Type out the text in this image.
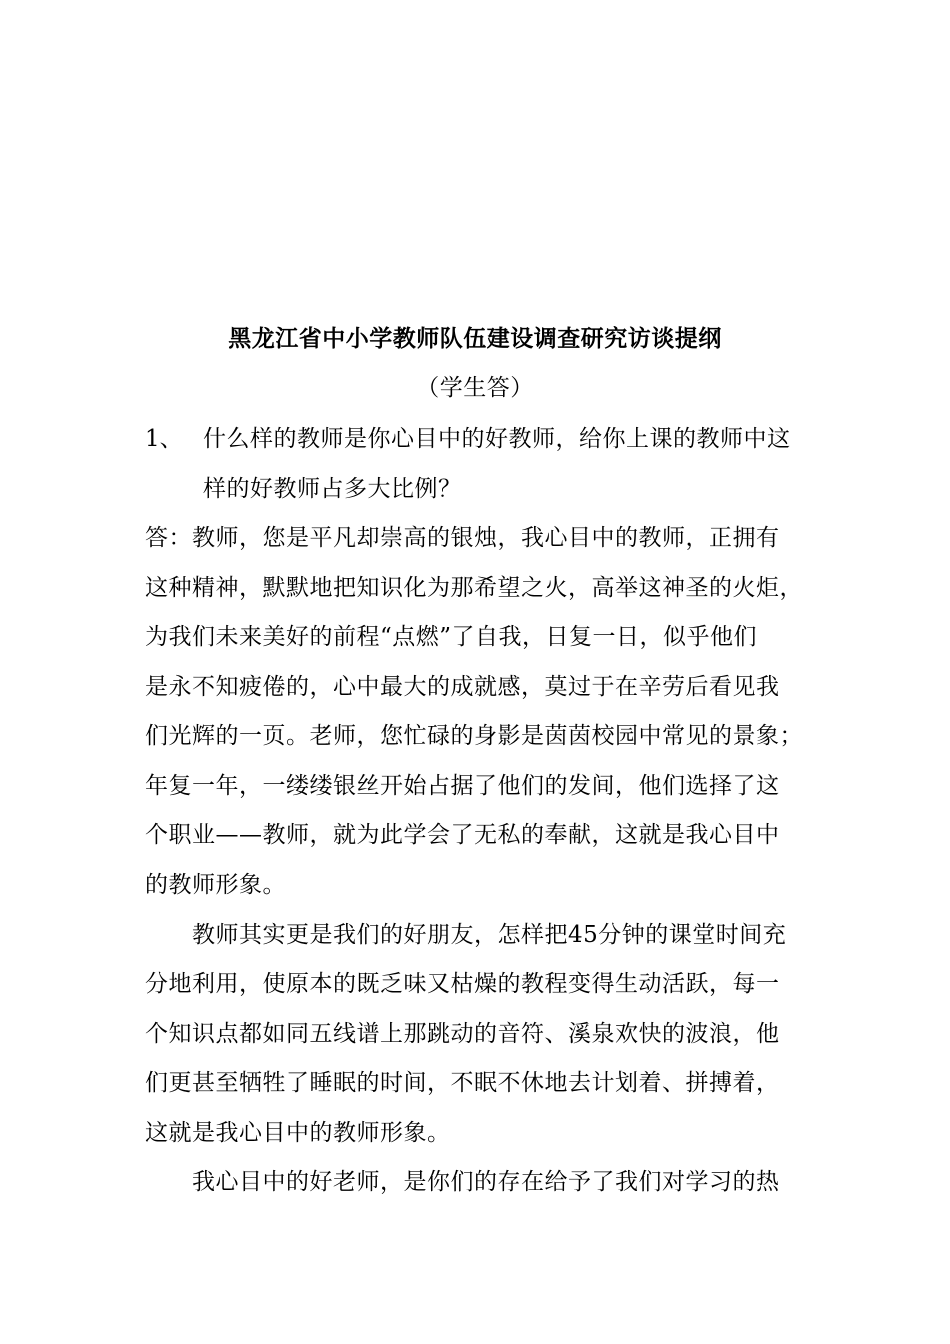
黑龙江省中小学教师队伍建设调查研究访谈提纲
（学生答）
1、 什么样的教师是你心目中的好教师，给你上课的教师中这
样的好教师占多大比例？
答：教师，您是平凡却崇高的银烛，我心目中的教师，正拥有
这种精神，默默地把知识化为那希望之火，高举这神圣的火炬，
为我们未来美好的前程“点燃”了自我，日复一日，似乎他们
是永不知疲倦的，心中最大的成就感，莫过于在辛劳后看见我
们光辉的一页。老师，您忙碌的身影是茵茵校园中常见的景象；
年复一年，一缕缕银丝开始占据了他们的发间，他们选择了这
个职业——教师，就为此学会了无私的奉献，这就是我心目中
的教师形象。
教师其实更是我们的好朋友，怎样把45分钟的课堂时间充
分地利用，使原本的既乏味又枯燥的教程变得生动活跃，每一
个知识点都如同五线谱上那跳动的音符、溪泉欢快的波浪，他
们更甚至牺牲了睡眠的时间，不眠不休地去计划着、拼搏着，
这就是我心目中的教师形象。
我心目中的好老师，是你们的存在给予了我们对学习的热
